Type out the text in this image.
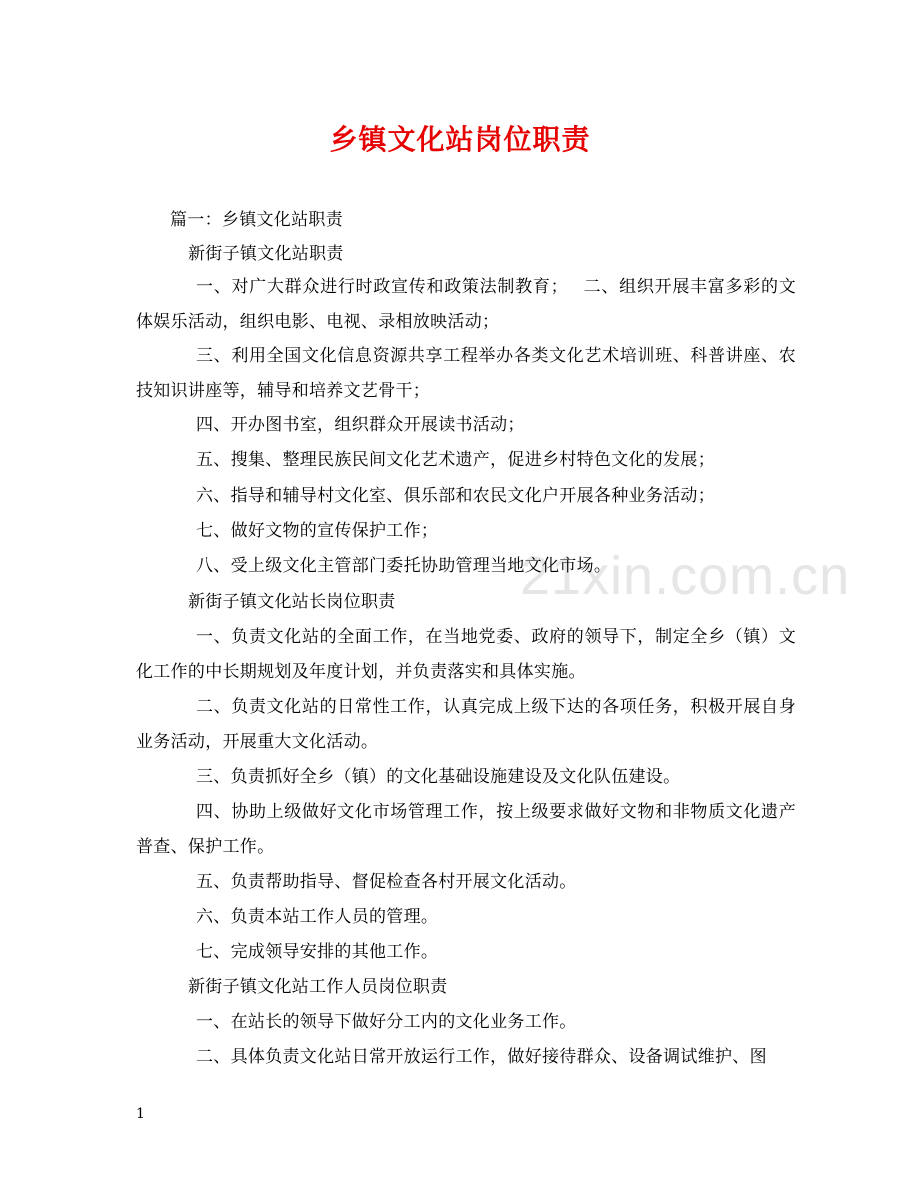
乡镇文化站岗位职责
21xin.com.cn

篇一：乡镇文化站职责

新街子镇文化站职责

一、对广大群众进行时政宣传和政策法制教育；　 二、组织开展丰富多彩的文体娱乐活动，组织电影、电视、录相放映活动；

三、利用全国文化信息资源共享工程举办各类文化艺术培训班、科普讲座、农技知识讲座等，辅导和培养文艺骨干；

四、开办图书室，组织群众开展读书活动；

五、搜集、整理民族民间文化艺术遗产，促进乡村特色文化的发展；

六、指导和辅导村文化室、俱乐部和农民文化户开展各种业务活动；

七、做好文物的宣传保护工作；

八、受上级文化主管部门委托协助管理当地文化市场。

新街子镇文化站长岗位职责

一、负责文化站的全面工作，在当地党委、政府的领导下，制定全乡（镇）文化工作的中长期规划及年度计划，并负责落实和具体实施。

二、负责文化站的日常性工作，认真完成上级下达的各项任务，积极开展自身业务活动，开展重大文化活动。

三、负责抓好全乡（镇）的文化基础设施建设及文化队伍建设。

四、协助上级做好文化市场管理工作，按上级要求做好文物和非物质文化遗产普查、保护工作。

五、负责帮助指导、督促检查各村开展文化活动。

六、负责本站工作人员的管理。

七、完成领导安排的其他工作。

新街子镇文化站工作人员岗位职责

一、在站长的领导下做好分工内的文化业务工作。

二、具体负责文化站日常开放运行工作，做好接待群众、设备调试维护、图

1
